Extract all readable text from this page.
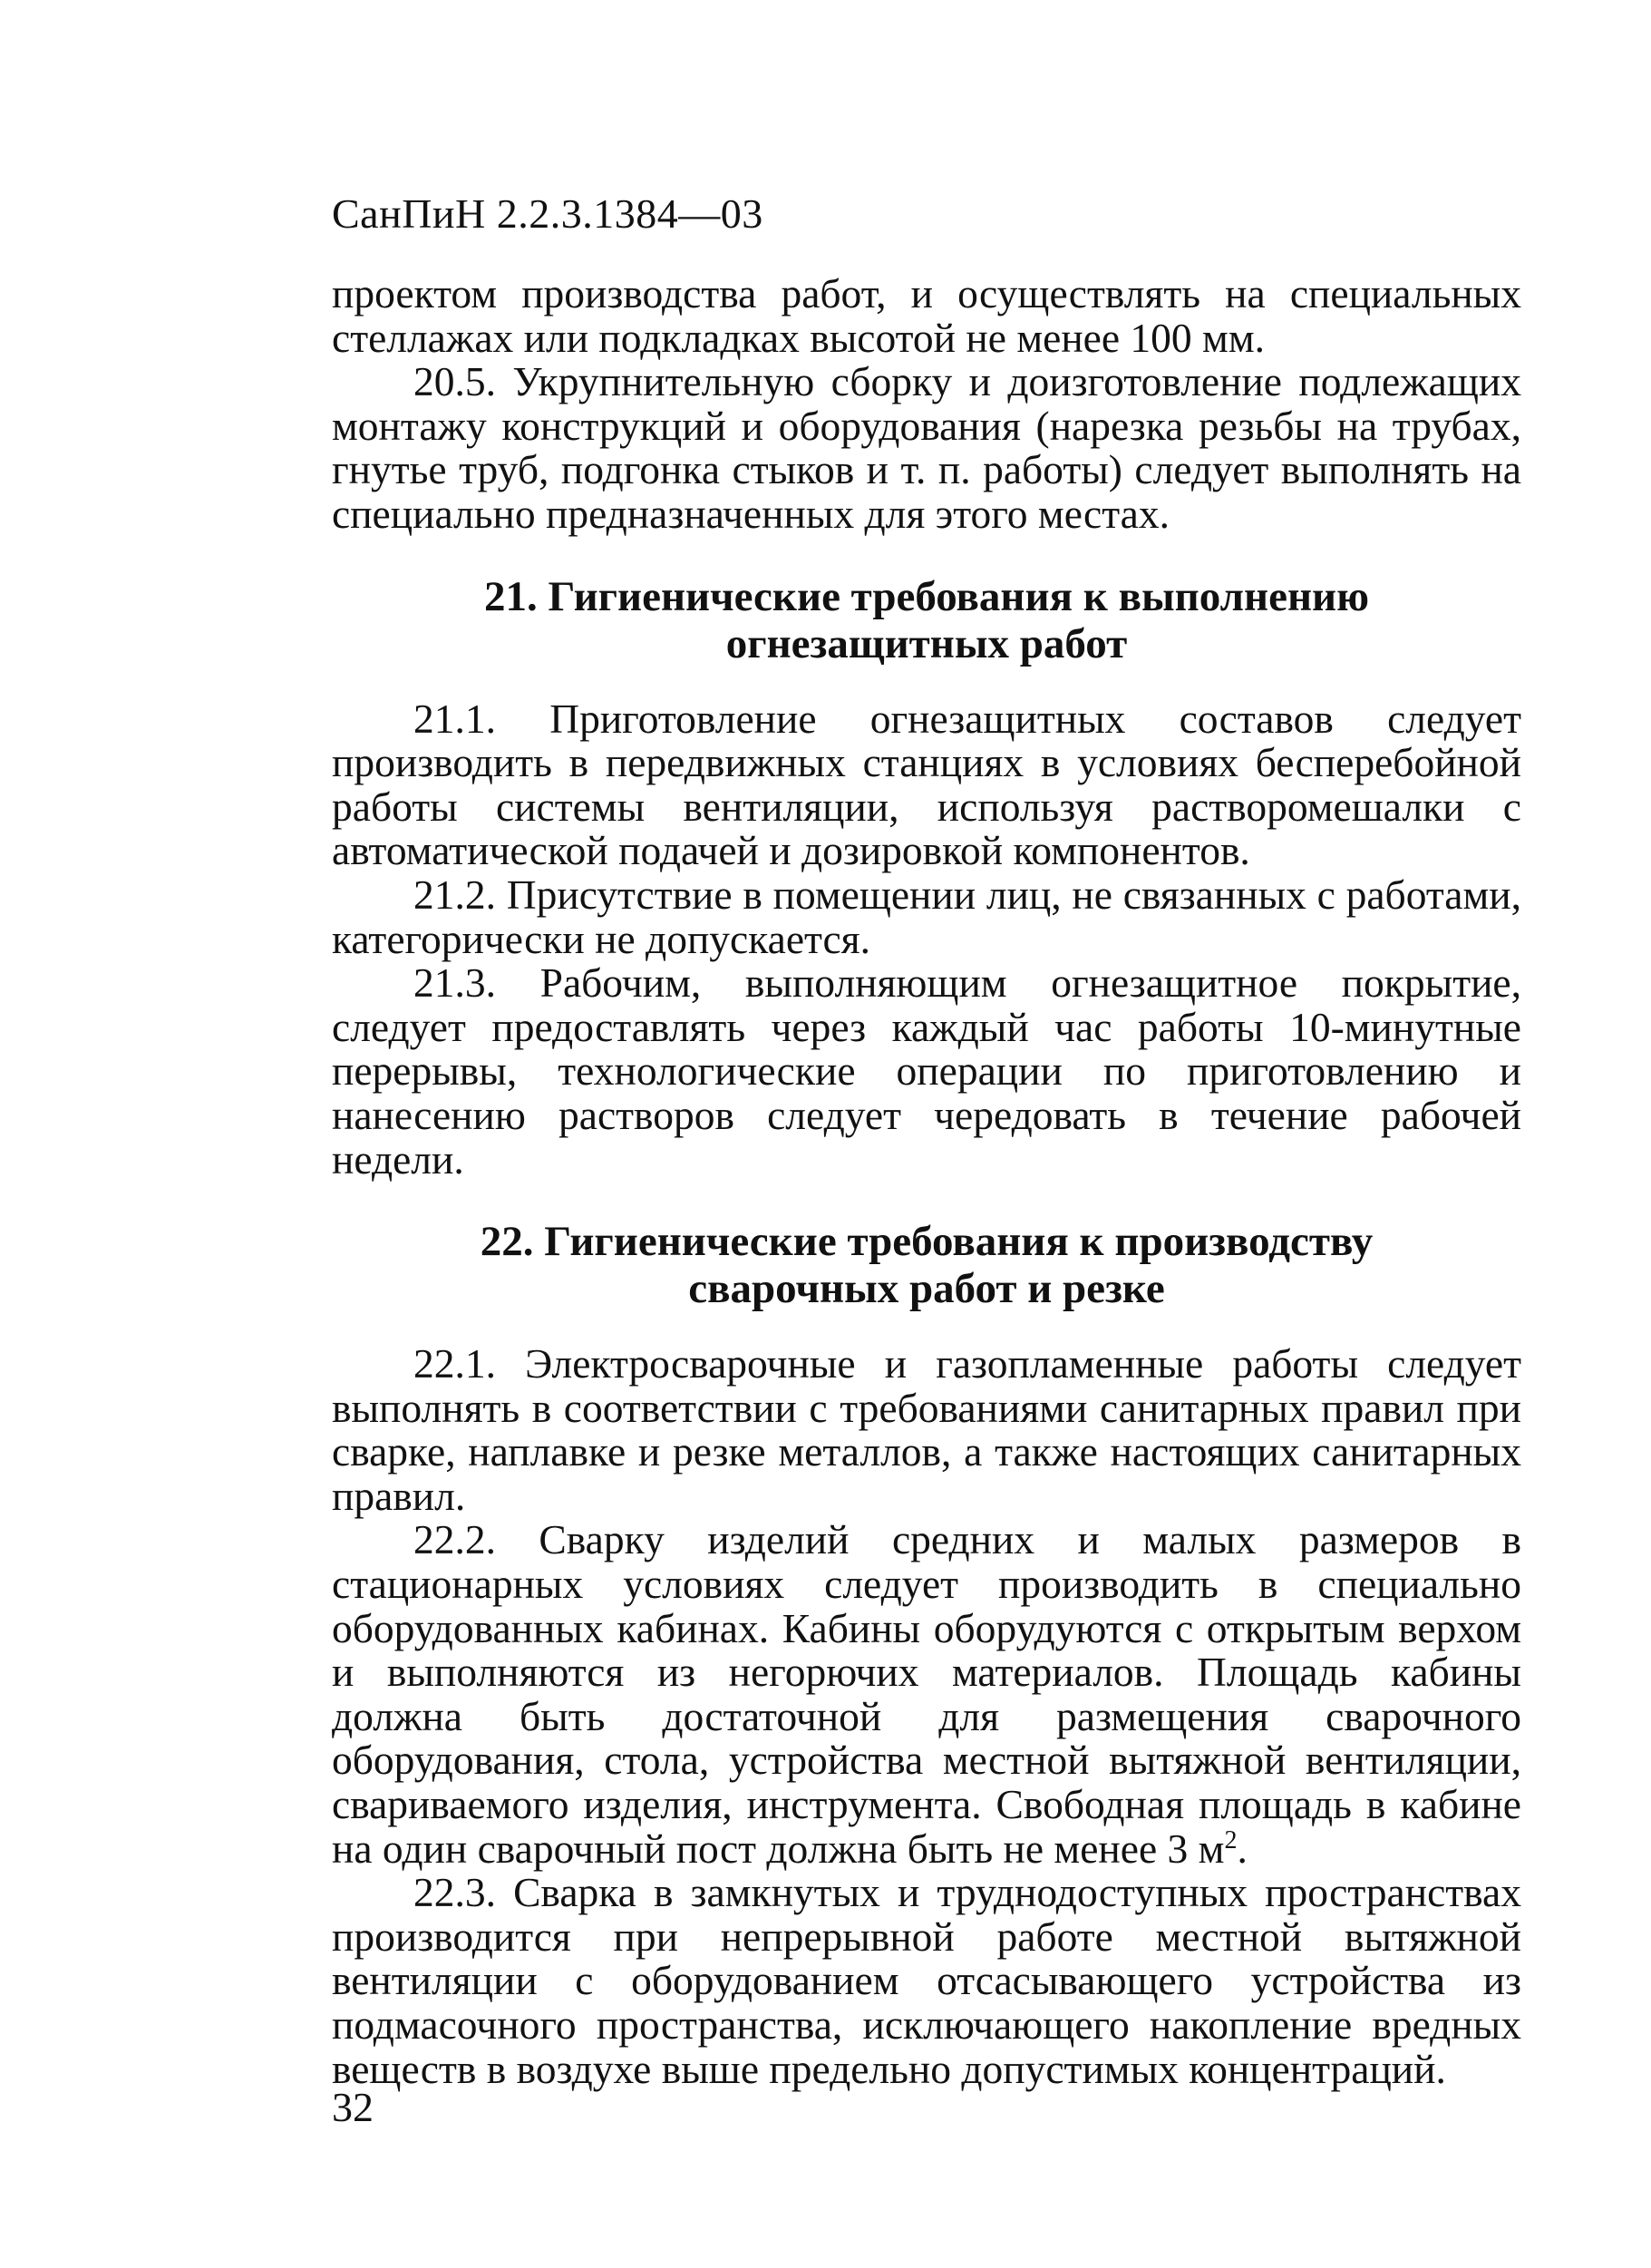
СанПиН 2.2.3.1384—03

проектом производства работ, и осуществлять на специальных стеллажах или подкладках высотой не менее 100 мм.

20.5. Укрупнительную сборку и доизготовление подлежащих монтажу конструкций и оборудования (нарезка резьбы на трубах, гнутье труб, подгонка стыков и т. п. работы) следует выполнять на специально предназначенных для этого местах.

21. Гигиенические требования к выполнению
огнезащитных работ

21.1. Приготовление огнезащитных составов следует производить в передвижных станциях в условиях бесперебойной работы системы вентиляции, используя растворомешалки с автоматической подачей и дозировкой компонентов.

21.2. Присутствие в помещении лиц, не связанных с работами, категорически не допускается.

21.3. Рабочим, выполняющим огнезащитное покрытие, следует предоставлять через каждый час работы 10-минутные перерывы, технологические операции по приготовлению и нанесению растворов следует чередовать в течение рабочей недели.

22. Гигиенические требования к производству
сварочных работ и резке

22.1. Электросварочные и газопламенные работы следует выполнять в соответствии с требованиями санитарных правил при сварке, наплавке и резке металлов, а также настоящих санитарных правил.

22.2. Сварку изделий средних и малых размеров в стационарных условиях следует производить в специально оборудованных кабинах. Кабины оборудуются с открытым верхом и выполняются из негорючих материалов. Площадь кабины должна быть достаточной для размещения сварочного оборудования, стола, устройства местной вытяжной вентиляции, свариваемого изделия, инструмента. Свободная площадь в кабине на один сварочный пост должна быть не менее 3 $м^2$.

22.3. Сварка в замкнутых и труднодоступных пространствах производится при непрерывной работе местной вытяжной вентиляции с оборудованием отсасывающего устройства из подмасочного пространства, исключающего накопление вредных веществ в воздухе выше предельно допустимых концентраций.

32
